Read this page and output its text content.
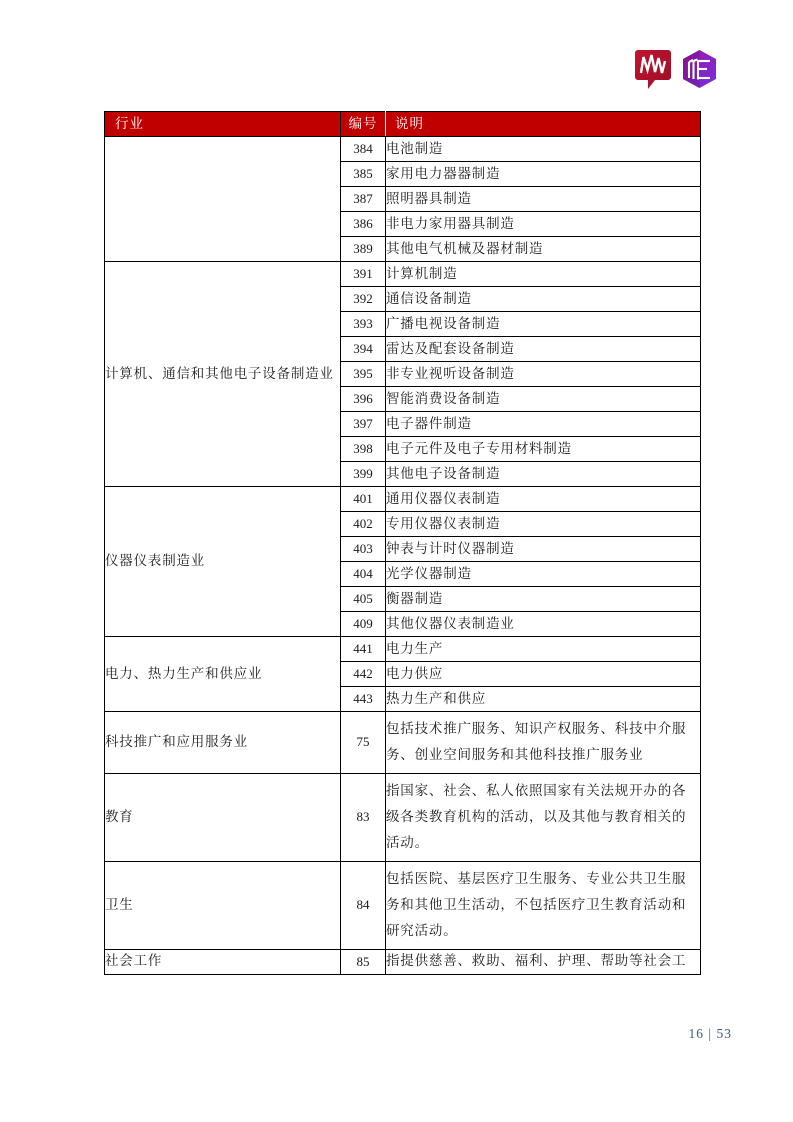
行业	编号	说明
	384	电池制造
	385	家用电力器器制造
	387	照明器具制造
	386	非电力家用器具制造
	389	其他电气机械及器材制造
计算机、通信和其他电子设备制造业	391	计算机制造
	392	通信设备制造
	393	广播电视设备制造
	394	雷达及配套设备制造
	395	非专业视听设备制造
	396	智能消费设备制造
	397	电子器件制造
	398	电子元件及电子专用材料制造
	399	其他电子设备制造
仪器仪表制造业	401	通用仪器仪表制造
	402	专用仪器仪表制造
	403	钟表与计时仪器制造
	404	光学仪器制造
	405	衡器制造
	409	其他仪器仪表制造业
电力、热力生产和供应业	441	电力生产
	442	电力供应
	443	热力生产和供应
科技推广和应用服务业	75	包括技术推广服务、知识产权服务、科技中介服务、创业空间服务和其他科技推广服务业
教育	83	指国家、社会、私人依照国家有关法规开办的各级各类教育机构的活动，以及其他与教育相关的活动。
卫生	84	包括医院、基层医疗卫生服务、专业公共卫生服务和其他卫生活动，不包括医疗卫生教育活动和研究活动。
社会工作	85	指提供慈善、救助、福利、护理、帮助等社会工
16 | 53
